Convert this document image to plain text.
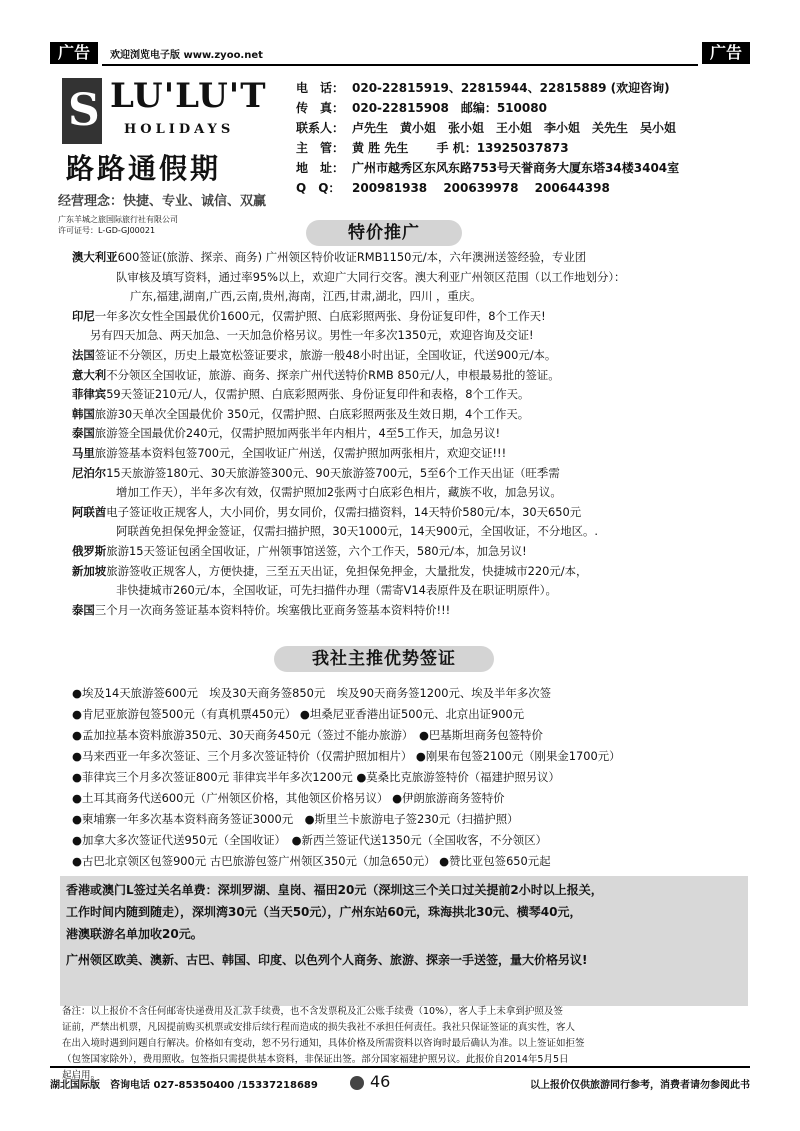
广告	欢迎浏览电子版 www.zyoo.net	广告
S LU'LU'T
HOLIDAYS
路路通假期
经营理念：快捷、专业、诚信、双赢
广东羊城之旅国际旅行社有限公司
许可证号：L-GD-GJ00021
电　话： 020-22815919、22815944、22815889 (欢迎咨询)
传　真： 020-22815908　邮编：510080
联系人： 卢先生　黄小姐　张小姐　王小姐　李小姐　关先生　吴小姐
主　管： 黄 胜 先生　　 手 机：13925037873
地　址： 广州市越秀区东风东路753号天誉商务大厦东塔34楼3404室
Q　Q： 200981938　 200639978　 200644398
特价推广
澳大利亚600签证(旅游、探亲、商务) 广州领区特价收证RMB1150元/本，六年澳洲送签经验，专业团
队审核及填写资料，通过率95%以上，欢迎广大同行交客。澳大利亚广州领区范围（以工作地划分）：
广东,福建,湖南,广西,云南,贵州,海南，江西,甘肃,湖北，四川 ，重庆。
印尼一年多次女性全国最优价1600元，仅需护照、白底彩照两张、身份证复印件，8个工作天!
另有四天加急、两天加急、一天加急价格另议。男性一年多次1350元，欢迎咨询及交证!
法国签证不分领区，历史上最宽松签证要求，旅游一般48小时出证，全国收证，代送900元/本。
意大利不分领区全国收证，旅游、商务、探亲广州代送特价RMB 850元/人，申根最易批的签证。
菲律宾59天签证210元/人，仅需护照、白底彩照两张、身份证复印件和表格，8个工作天。
韩国旅游30天单次全国最优价 350元，仅需护照、白底彩照两张及生效日期，4个工作天。
泰国旅游签全国最优价240元，仅需护照加两张半年内相片，4至5工作天，加急另议!
马里旅游签基本资料包签700元，全国收证广州送，仅需护照加两张相片，欢迎交证!!!
尼泊尔15天旅游签180元、30天旅游签300元、90天旅游签700元，5至6个工作天出证（旺季需
增加工作天），半年多次有效，仅需护照加2张两寸白底彩色相片，藏族不收，加急另议。
阿联酋电子签证收正规客人，大小同价，男女同价，仅需扫描资料，14天特价580元/本，30天650元
阿联酋免担保免押金签证，仅需扫描护照，30天1000元，14天900元，全国收证，不分地区。.
俄罗斯旅游15天签证包函全国收证，广州领事馆送签，六个工作天，580元/本，加急另议!
新加坡旅游签收正规客人，方便快捷，三至五天出证，免担保免押金，大量批发，快捷城市220元/本，
非快捷城市260元/本，全国收证，可先扫描件办理（需寄V14表原件及在职证明原件）。
泰国三个月一次商务签证基本资料特价。埃塞俄比亚商务签基本资料特价!!!
我社主推优势签证
●埃及14天旅游签600元　埃及30天商务签850元　埃及90天商务签1200元、埃及半年多次签
●肯尼亚旅游包签500元（有真机票450元） ●坦桑尼亚香港出证500元、北京出证900元
●孟加拉基本资料旅游350元、30天商务450元（签过不能办旅游）　●巴基斯坦商务包签特价
●马来西亚一年多次签证、三个月多次签证特价（仅需护照加相片） ●刚果布包签2100元（刚果金1700元）
●菲律宾三个月多次签证800元 菲律宾半年多次1200元 ●莫桑比克旅游签特价（福建护照另议）
●土耳其商务代送600元（广州领区价格，其他领区价格另议） ●伊朗旅游商务签特价
●柬埔寨一年多次基本资料商务签证3000元　●斯里兰卡旅游电子签230元（扫描护照）
●加拿大多次签证代送950元（全国收证）　●新西兰签证代送1350元（全国收客，不分领区）
●古巴北京领区包签900元 古巴旅游包签广州领区350元（加急650元） ●赞比亚包签650元起
香港或澳门L签过关名单费：深圳罗湖、皇岗、福田20元（深圳这三个关口过关提前2小时以上报关，
工作时间内随到随走），深圳湾30元（当天50元），广州东站60元，珠海拱北30元、横琴40元，
港澳联游名单加收20元。
广州领区欧美、澳新、古巴、韩国、印度、以色列个人商务、旅游、探亲一手送签，量大价格另议!
备注：以上报价不含任何邮寄快递费用及汇款手续费，也不含发票税及汇公账手续费（10%），客人手上未拿到护照及签
证前，严禁出机票，凡因提前购买机票或安排后续行程而造成的损失我社不承担任何责任。我社只保证签证的真实性，客人
在出入境时遇到问题自行解决。价格如有变动，恕不另行通知，具体价格及所需资料以咨询时最后确认为准。以上签证如拒签
（包签国家除外），费用照收。包签指只需提供基本资料，非保证出签。部分国家福建护照另议。此报价自2014年5月5日
起启用。
湖北国际版　咨询电话 027-85350400 /15337218689	46	以上报价仅供旅游同行参考，消费者请勿参阅此书
